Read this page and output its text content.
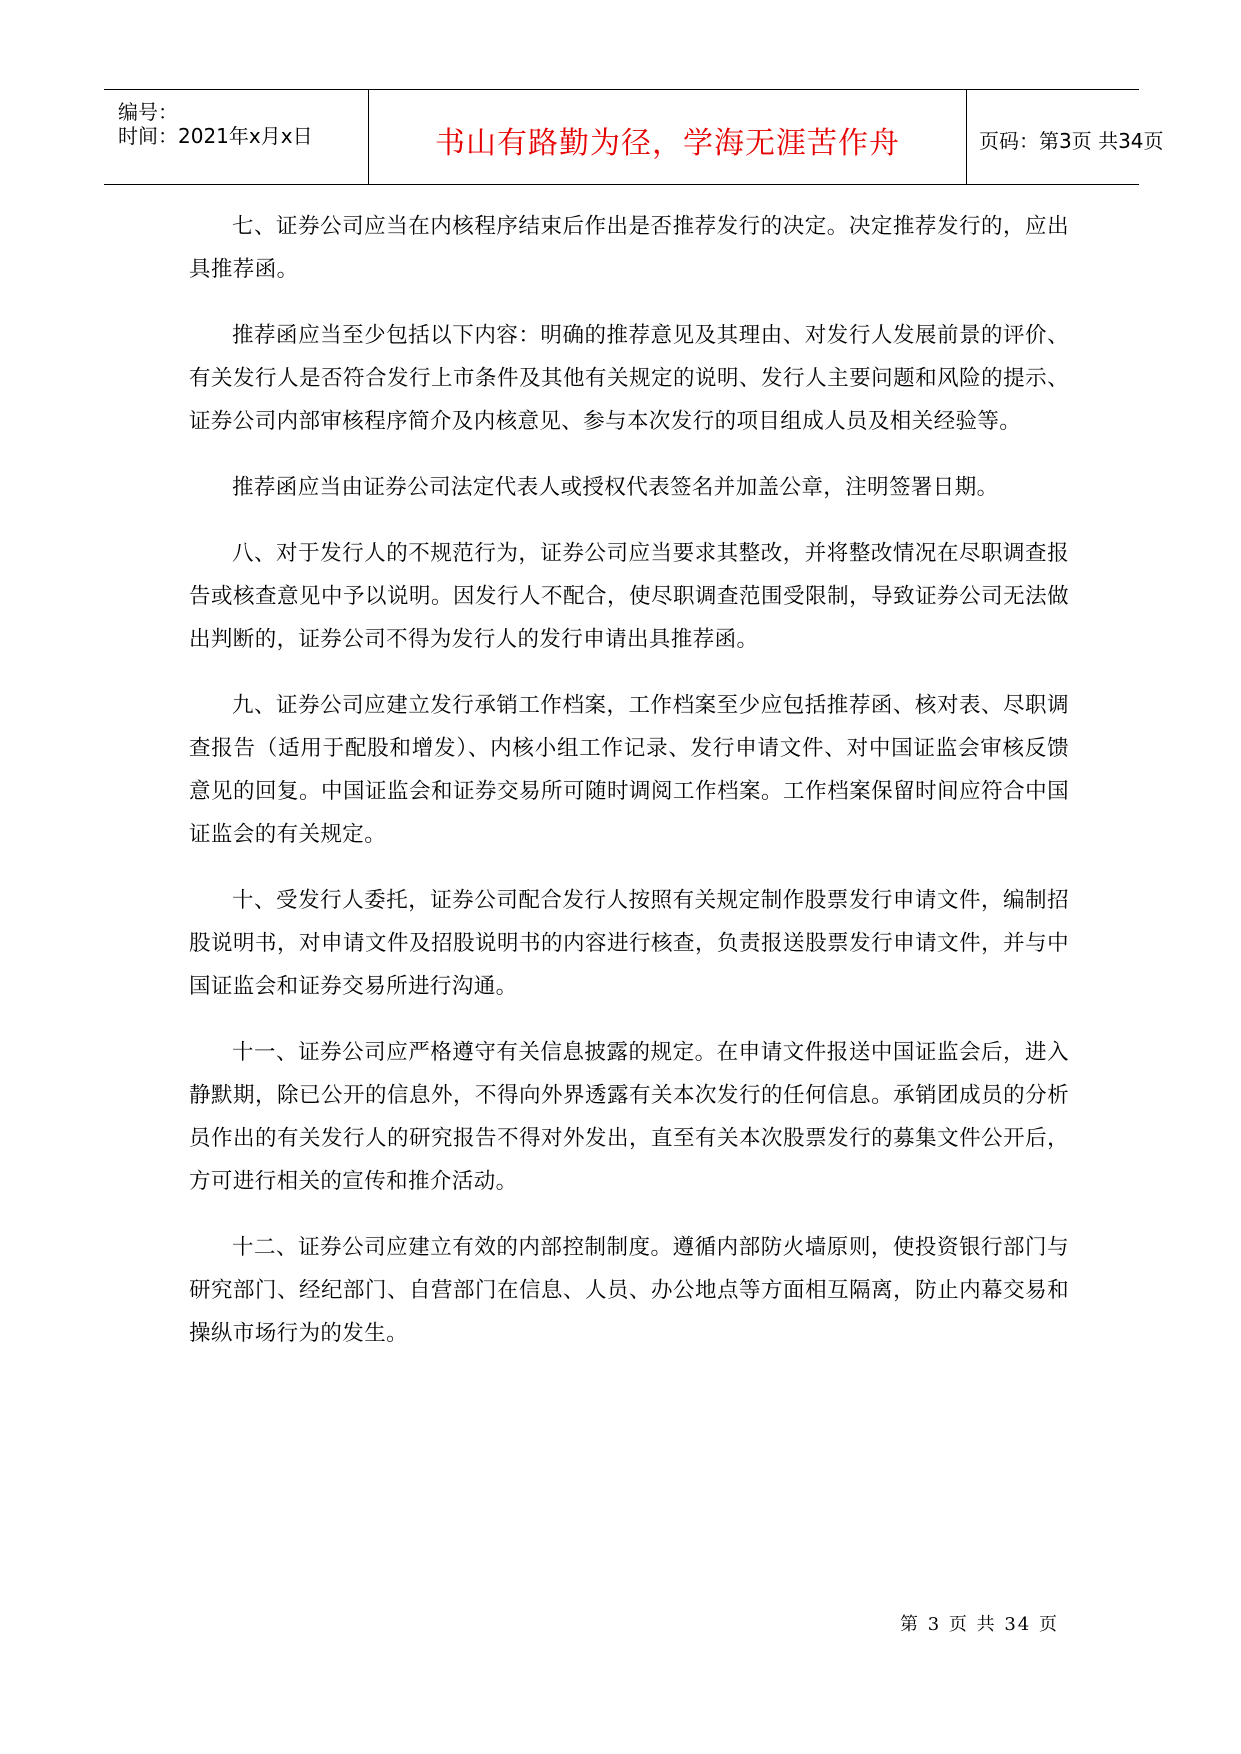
编号：
时间：2021年x月x日	书山有路勤为径，学海无涯苦作舟	页码：第3页 共34页

七、证券公司应当在内核程序结束后作出是否推荐发行的决定。决定推荐发行的，应出具推荐函。

推荐函应当至少包括以下内容：明确的推荐意见及其理由、对发行人发展前景的评价、有关发行人是否符合发行上市条件及其他有关规定的说明、发行人主要问题和风险的提示、证券公司内部审核程序简介及内核意见、参与本次发行的项目组成人员及相关经验等。

推荐函应当由证券公司法定代表人或授权代表签名并加盖公章，注明签署日期。

八、对于发行人的不规范行为，证券公司应当要求其整改，并将整改情况在尽职调查报告或核查意见中予以说明。因发行人不配合，使尽职调查范围受限制，导致证券公司无法做出判断的，证券公司不得为发行人的发行申请出具推荐函。

九、证券公司应建立发行承销工作档案，工作档案至少应包括推荐函、核对表、尽职调查报告（适用于配股和增发）、内核小组工作记录、发行申请文件、对中国证监会审核反馈意见的回复。中国证监会和证券交易所可随时调阅工作档案。工作档案保留时间应符合中国证监会的有关规定。

十、受发行人委托，证券公司配合发行人按照有关规定制作股票发行申请文件，编制招股说明书，对申请文件及招股说明书的内容进行核查，负责报送股票发行申请文件，并与中国证监会和证券交易所进行沟通。

十一、证券公司应严格遵守有关信息披露的规定。在申请文件报送中国证监会后，进入静默期，除已公开的信息外，不得向外界透露有关本次发行的任何信息。承销团成员的分析员作出的有关发行人的研究报告不得对外发出，直至有关本次股票发行的募集文件公开后，方可进行相关的宣传和推介活动。

十二、证券公司应建立有效的内部控制制度。遵循内部防火墙原则，使投资银行部门与研究部门、经纪部门、自营部门在信息、人员、办公地点等方面相互隔离，防止内幕交易和操纵市场行为的发生。

第 3 页 共 34 页
